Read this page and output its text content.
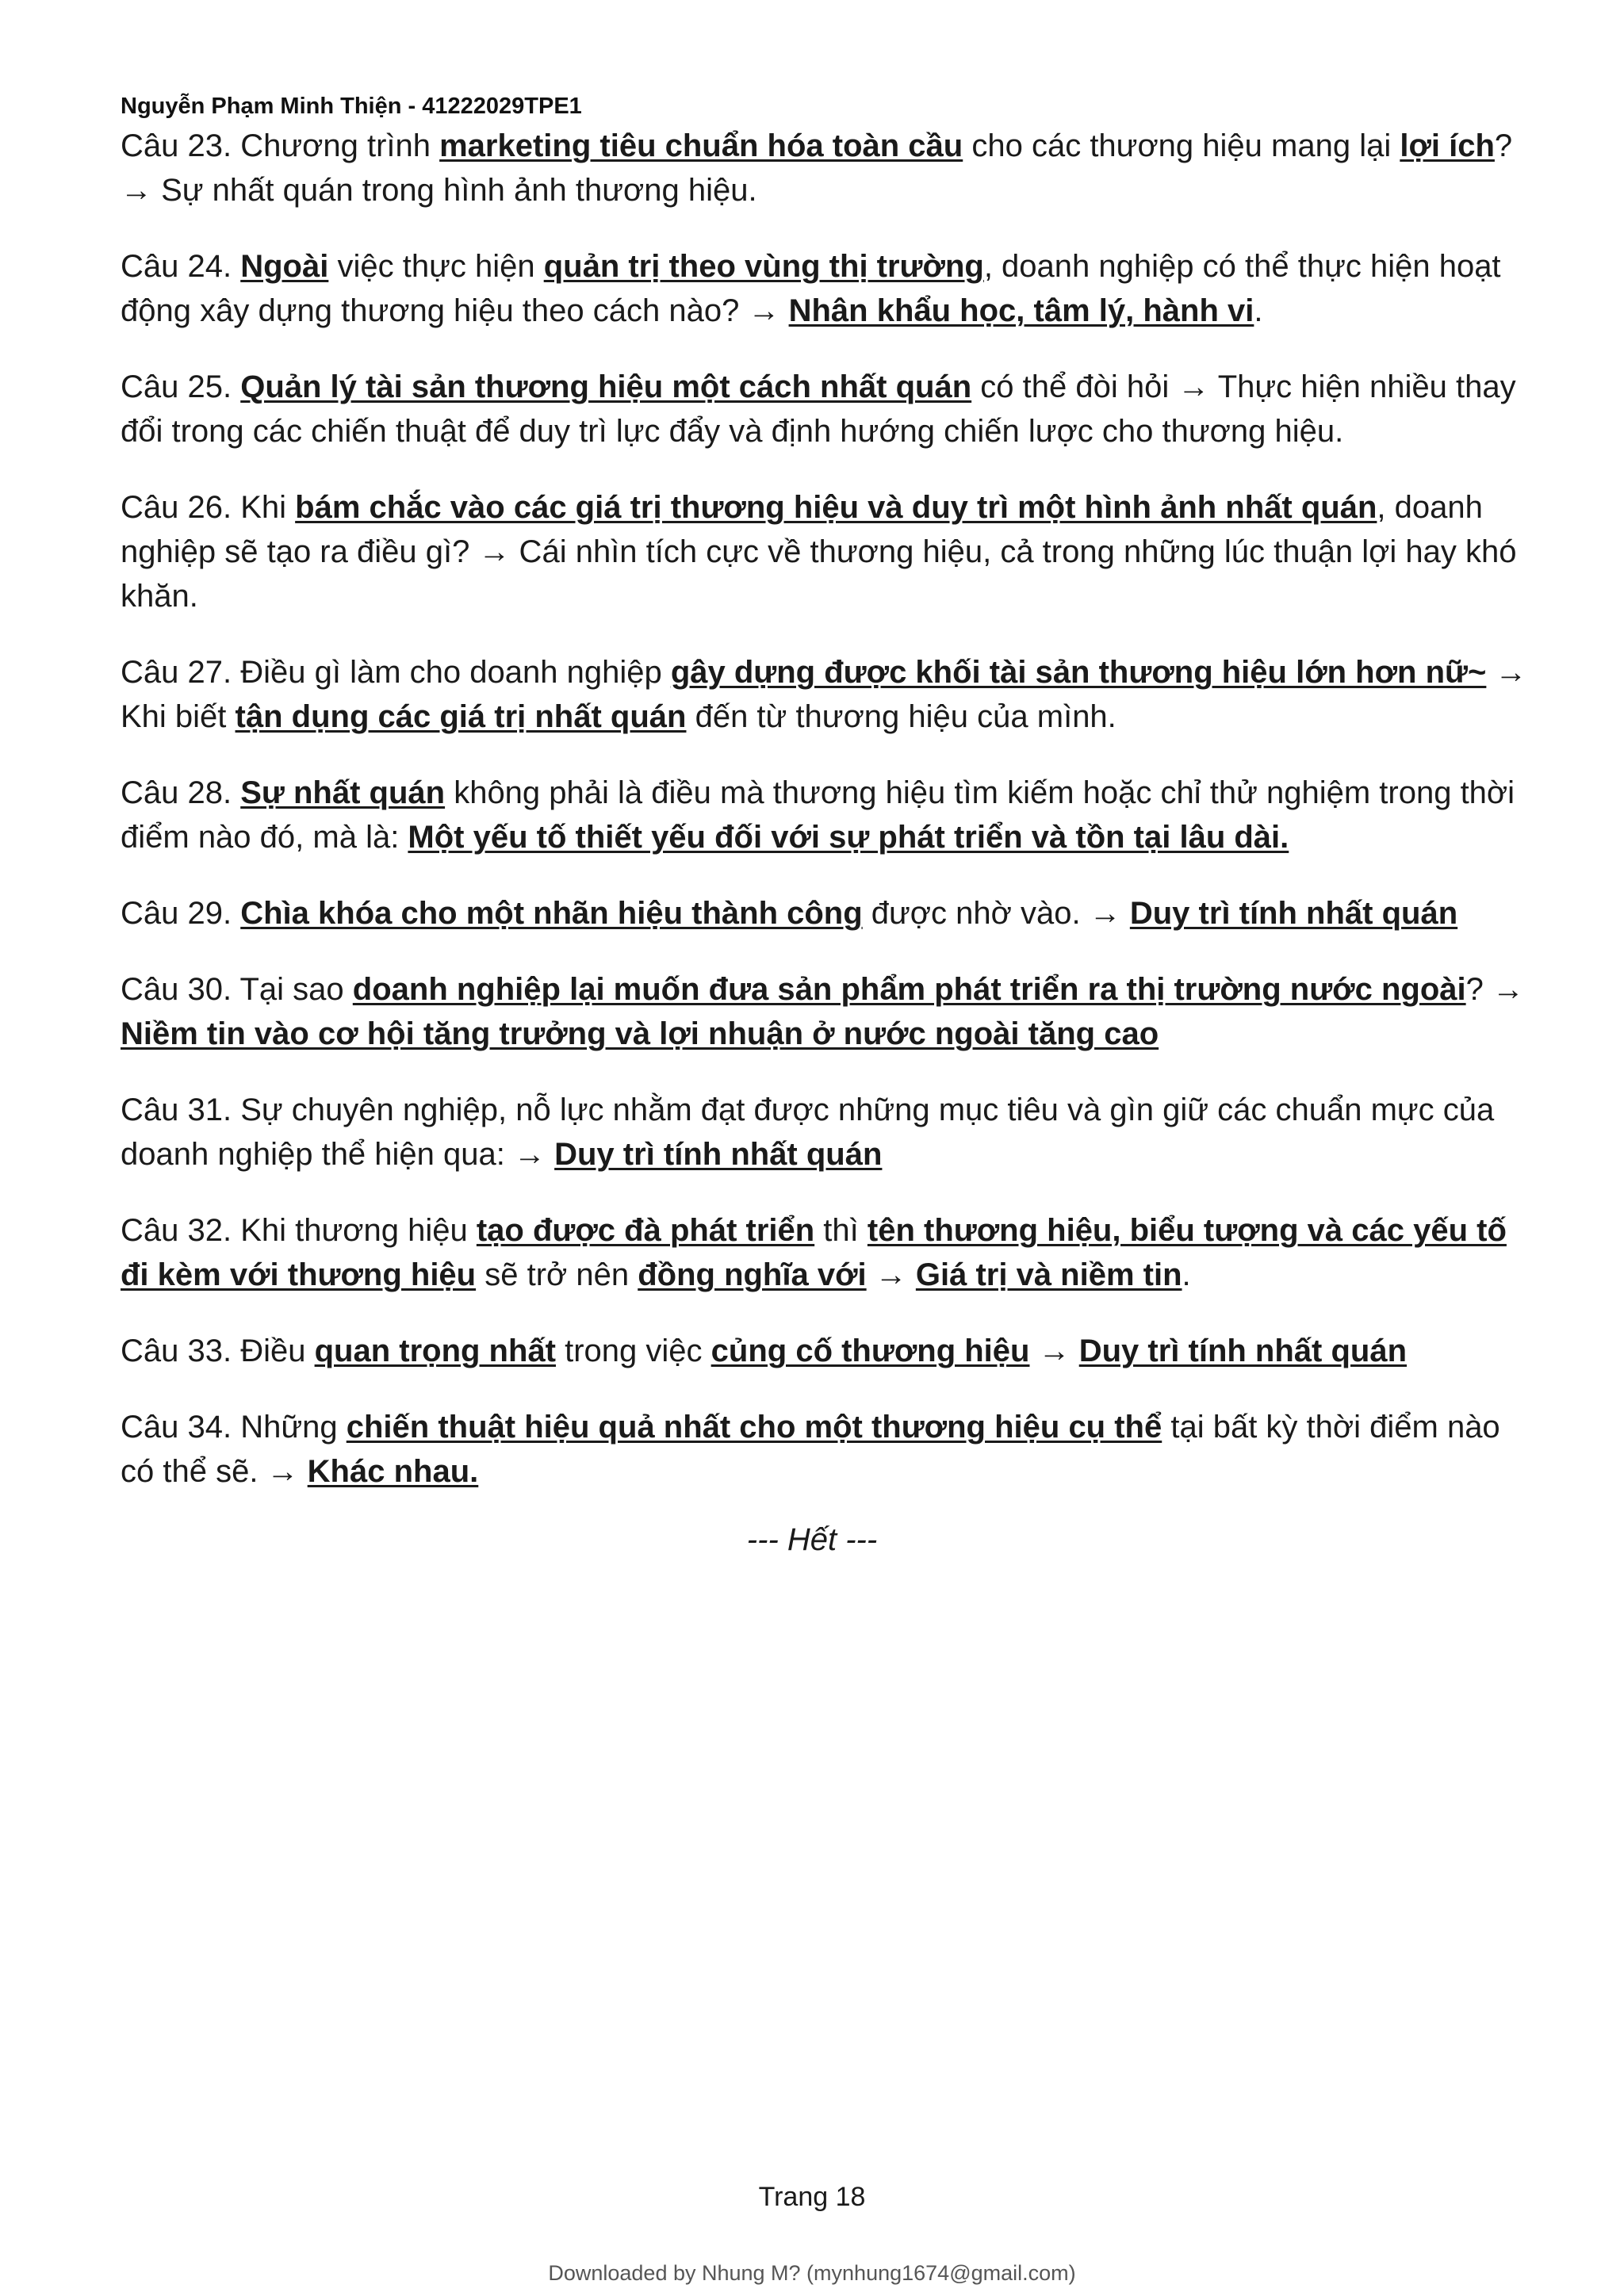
Nguyễn Phạm Minh Thiện - 41222029TPE1

Câu 23. Chương trình marketing tiêu chuẩn hóa toàn cầu cho các thương hiệu mang lại lợi ích? → Sự nhất quán trong hình ảnh thương hiệu.

Câu 24. Ngoài việc thực hiện quản trị theo vùng thị trường, doanh nghiệp có thể thực hiện hoạt động xây dựng thương hiệu theo cách nào? → Nhân khẩu học, tâm lý, hành vi.

Câu 25. Quản lý tài sản thương hiệu một cách nhất quán có thể đòi hỏi → Thực hiện nhiều thay đổi trong các chiến thuật để duy trì lực đẩy và định hướng chiến lược cho thương hiệu.

Câu 26. Khi bám chắc vào các giá trị thương hiệu và duy trì một hình ảnh nhất quán, doanh nghiệp sẽ tạo ra điều gì? → Cái nhìn tích cực về thương hiệu, cả trong những lúc thuận lợi hay khó khăn.

Câu 27. Điều gì làm cho doanh nghiệp gây dựng được khối tài sản thương hiệu lớn hơn nữ~ → Khi biết tận dụng các giá trị nhất quán đến từ thương hiệu của mình.

Câu 28. Sự nhất quán không phải là điều mà thương hiệu tìm kiếm hoặc chỉ thử nghiệm trong thời điểm nào đó, mà là: Một yếu tố thiết yếu đối với sự phát triển và tồn tại lâu dài.

Câu 29. Chìa khóa cho một nhãn hiệu thành công được nhờ vào. → Duy trì tính nhất quán

Câu 30. Tại sao doanh nghiệp lại muốn đưa sản phẩm phát triển ra thị trường nước ngoài? → Niềm tin vào cơ hội tăng trưởng và lợi nhuận ở nước ngoài tăng cao

Câu 31. Sự chuyên nghiệp, nỗ lực nhằm đạt được những mục tiêu và gìn giữ các chuẩn mực của doanh nghiệp thể hiện qua: → Duy trì tính nhất quán

Câu 32. Khi thương hiệu tạo được đà phát triển thì tên thương hiệu, biểu tượng và các yếu tố đi kèm với thương hiệu sẽ trở nên đồng nghĩa với → Giá trị và niềm tin.

Câu 33. Điều quan trọng nhất trong việc củng cố thương hiệu → Duy trì tính nhất quán

Câu 34. Những chiến thuật hiệu quả nhất cho một thương hiệu cụ thể tại bất kỳ thời điểm nào có thể sẽ. → Khác nhau.

--- Hết ---
Trang 18
Downloaded by Nhung M? (mynhung1674@gmail.com)
